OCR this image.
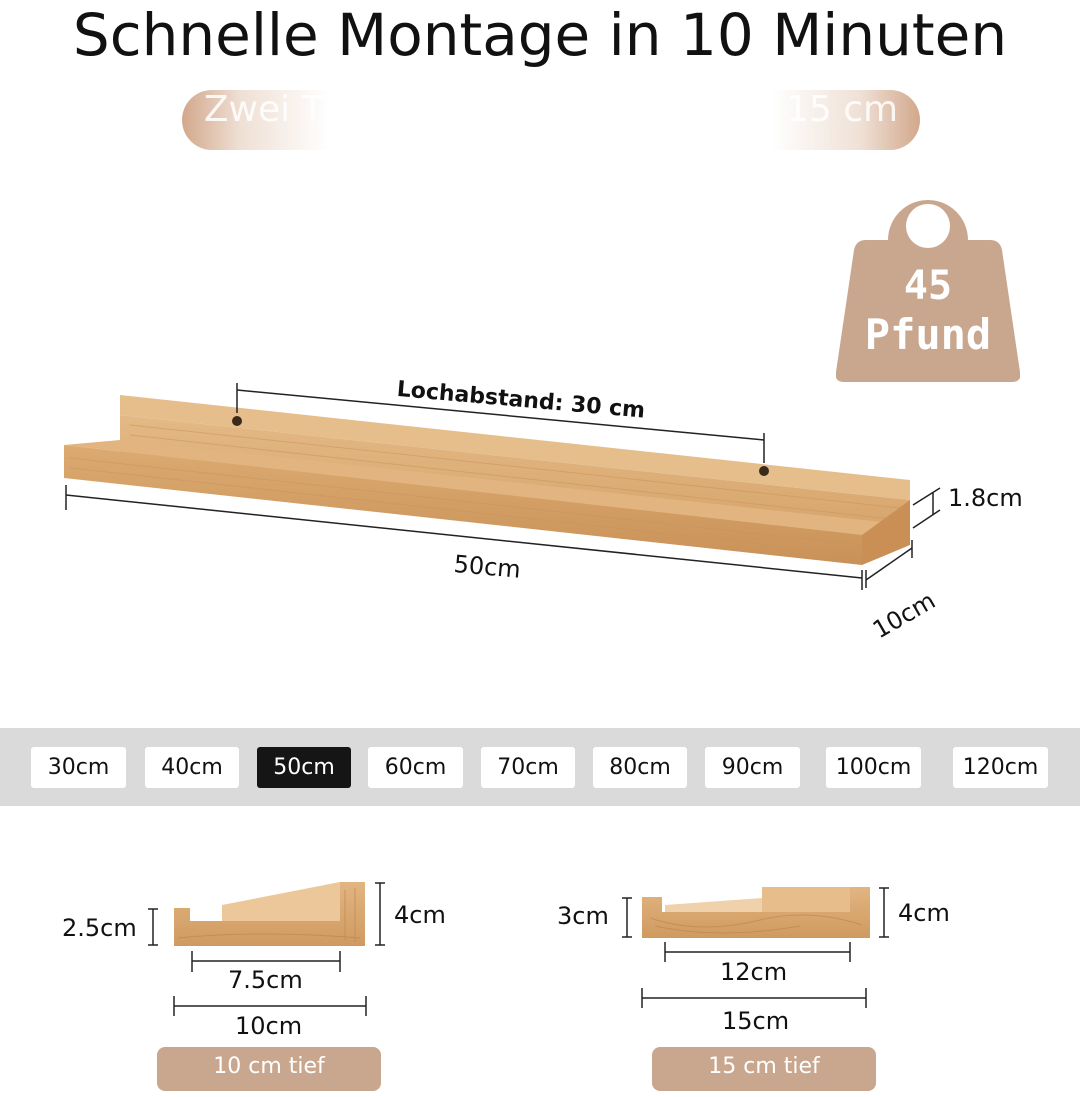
Schnelle Montage in 10 Minuten
Zwei Tiefen verfügbar: 10 cm & 15 cm
45
Pfund
Lochabstand: 30 cm
50cm
1.8cm
10cm
30cm	40cm	50cm	60cm	70cm	80cm	90cm	100cm	120cm
2.5cm	4cm
7.5cm
10cm
10 cm tief
3cm	4cm
12cm
15cm
15 cm tief
